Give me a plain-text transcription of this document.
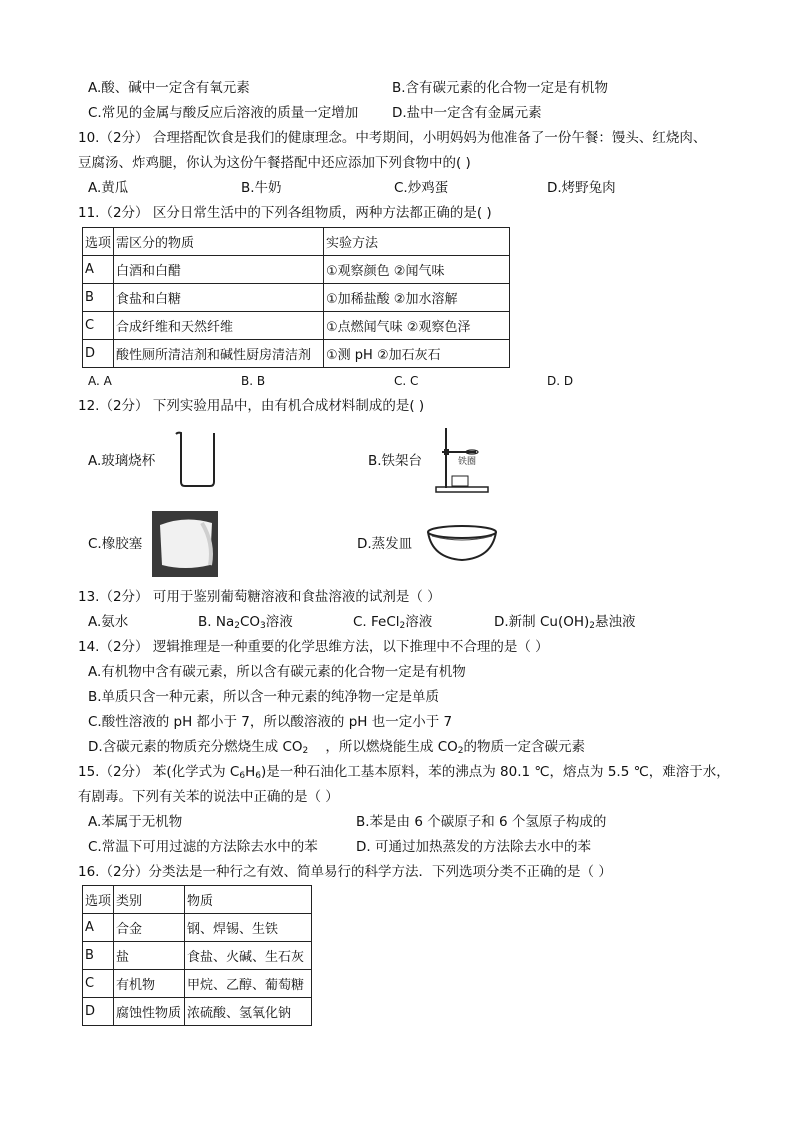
A.酸、碱中一定含有氧元素	B.含有碳元素的化合物一定是有机物
C.常见的金属与酸反应后溶液的质量一定增加	D.盐中一定含有金属元素
10.（2分） 合理搭配饮食是我们的健康理念。中考期间，小明妈妈为他准备了一份午餐：馒头、红烧肉、
豆腐汤、炸鸡腿，你认为这份午餐搭配中还应添加下列食物中的( )
A.黄瓜	B.牛奶	C.炒鸡蛋	D.烤野兔肉
11.（2分） 区分日常生活中的下列各组物质，两种方法都正确的是( )
选项	需区分的物质	实验方法
A	白酒和白醋	①观察颜色 ②闻气味
B	食盐和白糖	①加稀盐酸 ②加水溶解
C	合成纤维和天然纤维	①点燃闻气味 ②观察色泽
D	酸性厕所清洁剂和碱性厨房清洁剂	①测 pH ②加石灰石
A. A	B. B	C. C	D. D
12.（2分） 下列实验用品中，由有机合成材料制成的是( )
A.玻璃烧杯	B.铁架台	铁圈
C.橡胶塞	D.蒸发皿
13.（2分） 可用于鉴别葡萄糖溶液和食盐溶液的试剂是（ ）
A.氨水	B. $Na_2CO_3$溶液	C. FeCl$_2$溶液	D.新制 $Cu(OH)_2$悬浊液
14.（2分） 逻辑推理是一种重要的化学思维方法，以下推理中不合理的是（ ）
A.有机物中含有碳元素，所以含有碳元素的化合物一定是有机物
B.单质只含一种元素，所以含一种元素的纯净物一定是单质
C.酸性溶液的 pH 都小于 7，所以酸溶液的 pH 也一定小于 7
D.含碳元素的物质充分燃烧生成 $CO_2$    ，所以燃烧能生成 $CO_2$的物质一定含碳元素
15.（2分） 苯(化学式为 $C_6H_6$)是一种石油化工基本原料，苯的沸点为 80.1 ℃，熔点为 5.5 ℃，难溶于水，
有剧毒。下列有关苯的说法中正确的是（ ）
A.苯属于无机物	B.苯是由 6 个碳原子和 6 个氢原子构成的
C.常温下可用过滤的方法除去水中的苯	D. 可通过加热蒸发的方法除去水中的苯
16.（2分）分类法是一种行之有效、简单易行的科学方法．下列选项分类不正确的是（ ）
选项	类别	物质
A	合金	钢、焊锡、生铁
B	盐	食盐、火碱、生石灰
C	有机物	甲烷、乙醇、葡萄糖
D	腐蚀性物质	浓硫酸、氢氧化钠
